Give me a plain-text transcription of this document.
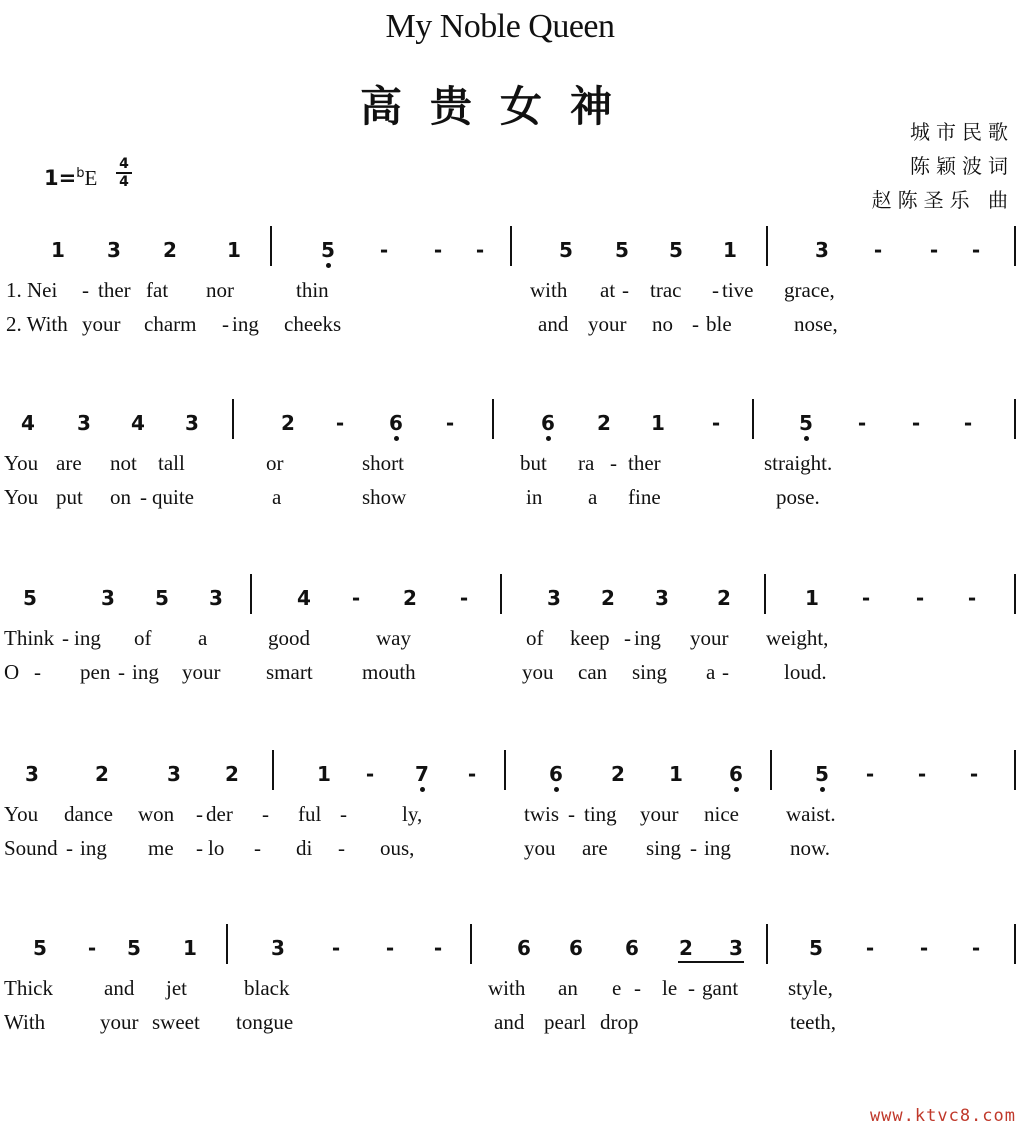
My Noble Queen
高贵女神
城市民歌
陈颖波词
赵陈圣乐 曲
1=$^b$E
4
4
1 3 2	1	5 - - -	5 5 5 1	3 - - -
1. Nei - ther fat nor	thin	with at - trac - tive grace,
2. With your charm - ing cheeks	and your no - ble	nose,
4 3 4 3	2 - 6 -	6 2 1 -	5 - - -
You are not tall	or	short	but ra - ther	straight.
You put on - quite	a	show	in a fine	pose.
5	3 5 3	4 - 2 -	3 2 3 2	1 - - -
Think - ing of a	good	way	of keep - ing your weight,
O - pen - ing your smart mouth	you can sing a -	loud.
3	2	3 2	1 - 7 -	6 2 1 6	5 - - -
You dance won - der - ful -	ly,	twis - ting your nice waist.
Sound - ing me - lo - di - ous,	you are sing - ing	now.
5 - 5 1	3 - - -	6 6 6 2 3	5 - - -
Thick and jet	black	with an e - le - gant style,
With	your sweet tongue	and pearl drop	teeth,
www.ktvc8.com
